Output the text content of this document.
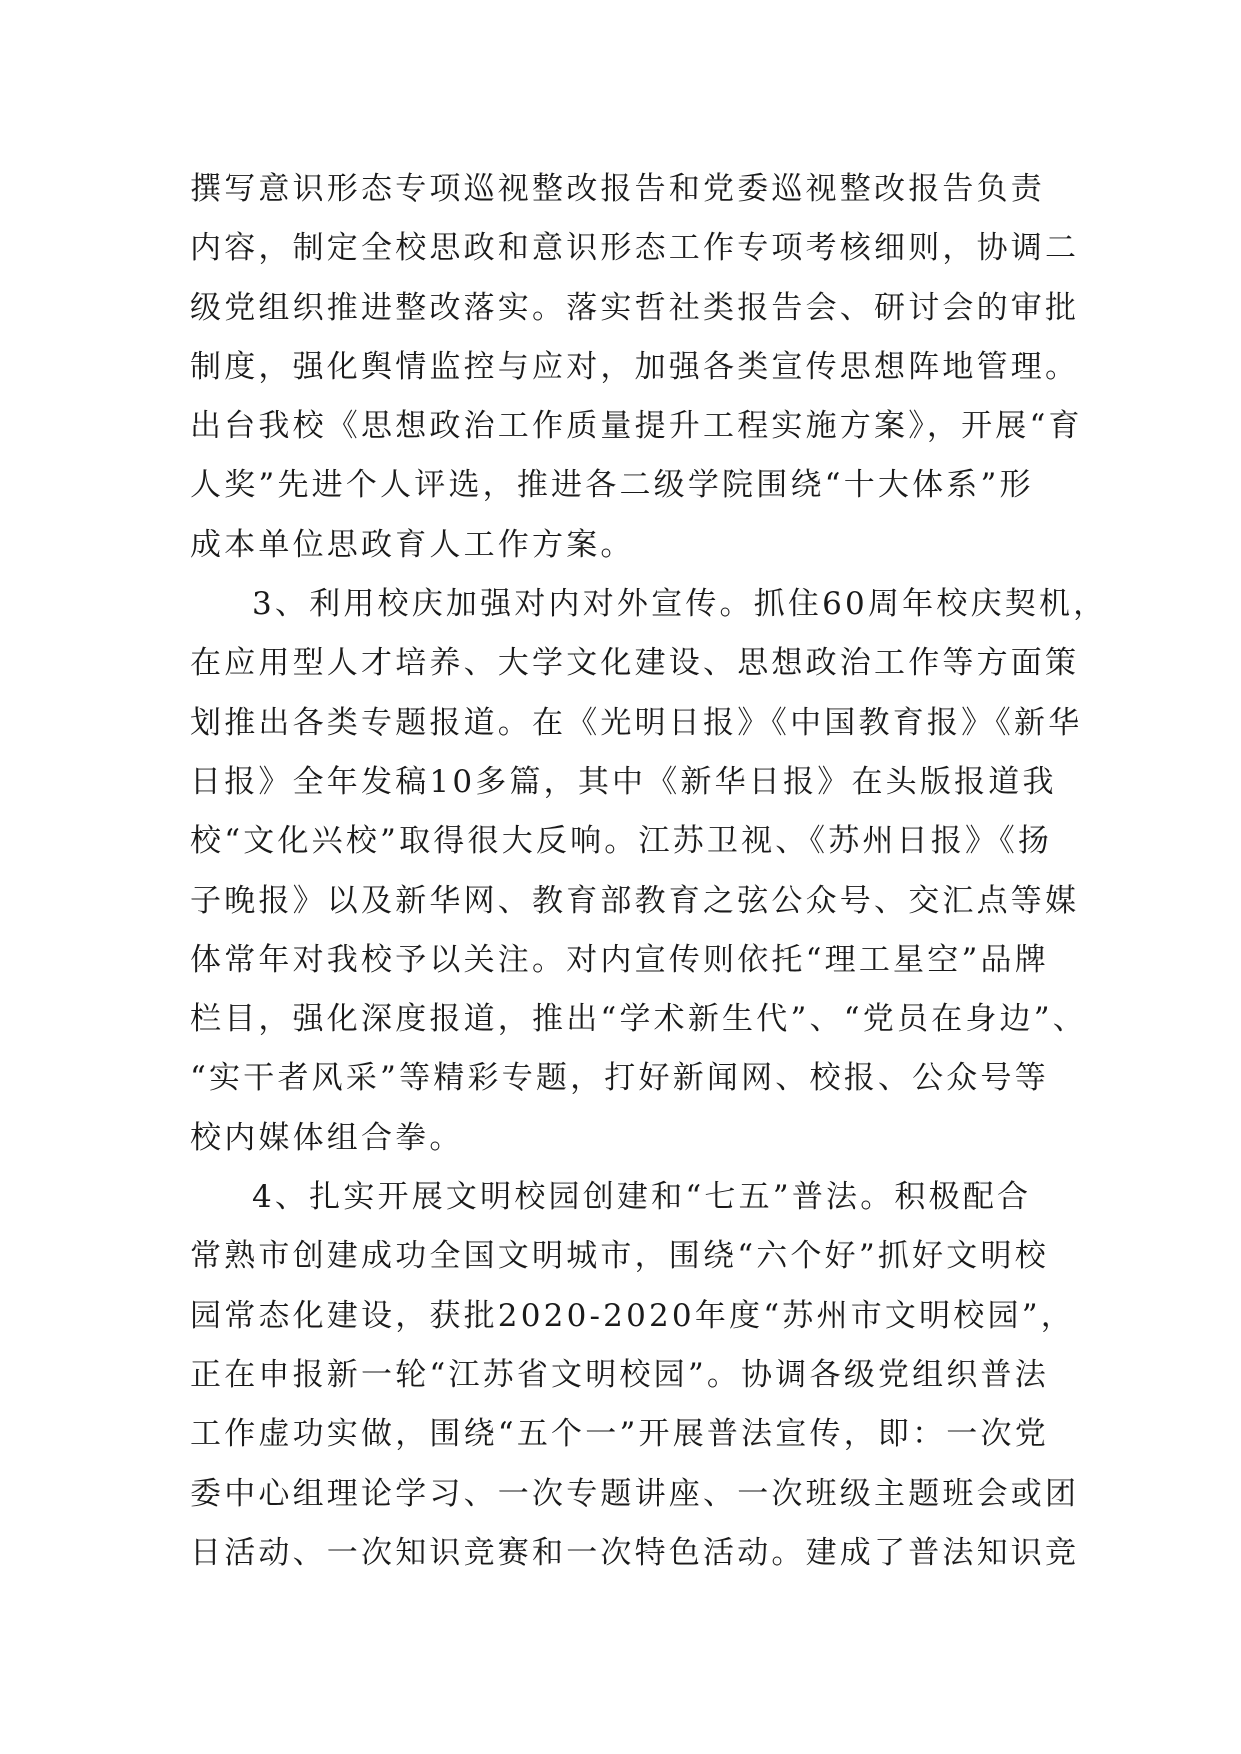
撰写意识形态专项巡视整改报告和党委巡视整改报告负责
内容，制定全校思政和意识形态工作专项考核细则，协调二
级党组织推进整改落实。落实哲社类报告会、研讨会的审批
制度，强化舆情监控与应对，加强各类宣传思想阵地管理。
出台我校《思想政治工作质量提升工程实施方案》，开展“育
人奖”先进个人评选，推进各二级学院围绕“十大体系”形
成本单位思政育人工作方案。
3、利用校庆加强对内对外宣传。抓住60周年校庆契机，
在应用型人才培养、大学文化建设、思想政治工作等方面策
划推出各类专题报道。在《光明日报》《中国教育报》《新华
日报》全年发稿10多篇，其中《新华日报》在头版报道我
校“文化兴校”取得很大反响。江苏卫视、《苏州日报》《扬
子晚报》以及新华网、教育部教育之弦公众号、交汇点等媒
体常年对我校予以关注。对内宣传则依托“理工星空”品牌
栏目，强化深度报道，推出“学术新生代”、“党员在身边”、
“实干者风采”等精彩专题，打好新闻网、校报、公众号等
校内媒体组合拳。
4、扎实开展文明校园创建和“七五”普法。积极配合
常熟市创建成功全国文明城市，围绕“六个好”抓好文明校
园常态化建设，获批2020-2020年度“苏州市文明校园”，
正在申报新一轮“江苏省文明校园”。协调各级党组织普法
工作虚功实做，围绕“五个一”开展普法宣传，即：一次党
委中心组理论学习、一次专题讲座、一次班级主题班会或团
日活动、一次知识竞赛和一次特色活动。建成了普法知识竞
